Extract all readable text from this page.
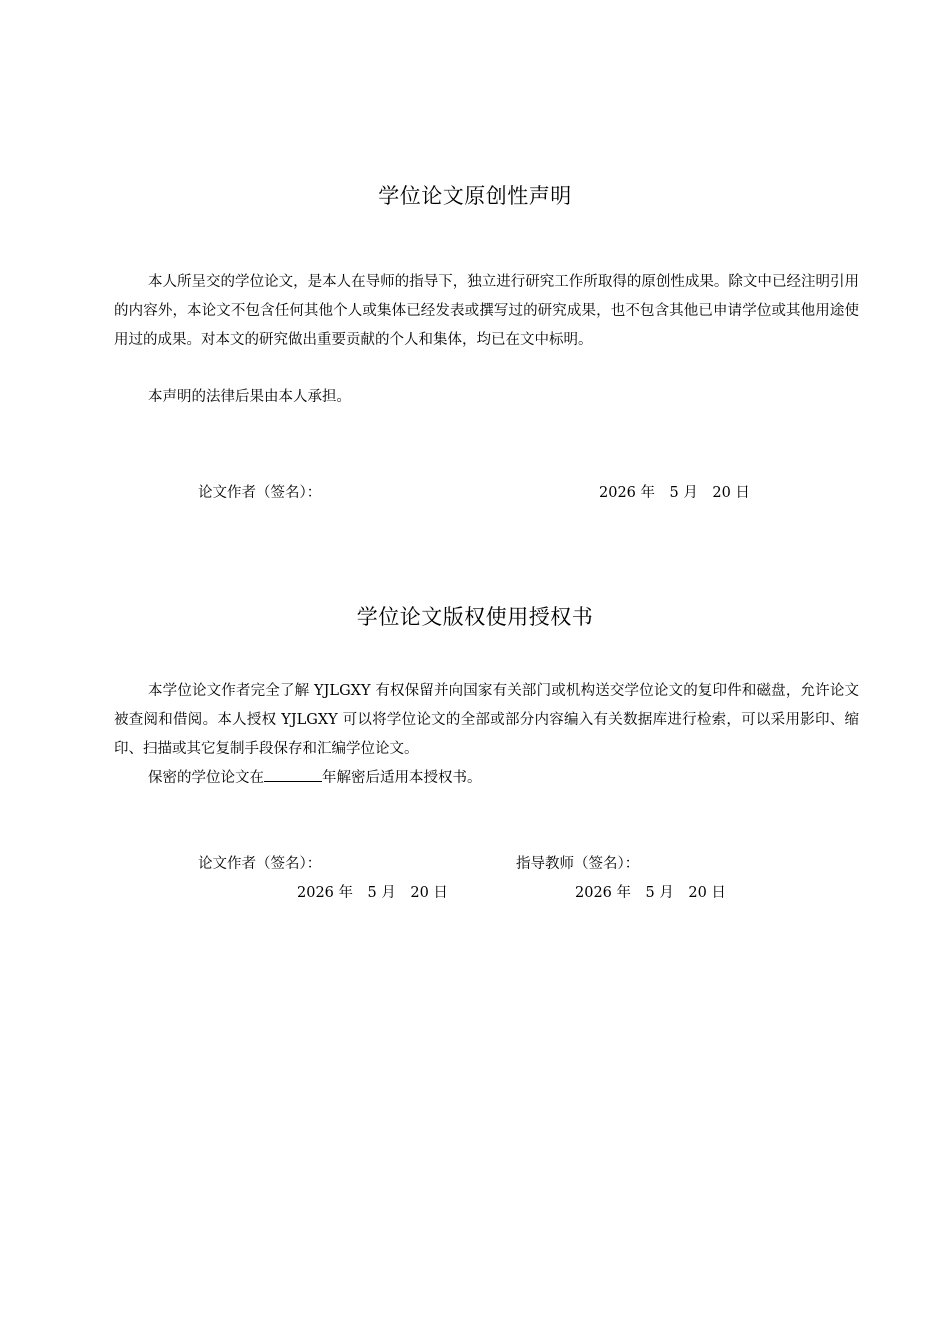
学位论文原创性声明

本人所呈交的学位论文，是本人在导师的指导下，独立进行研究工作所取得的原创性成果。除文中已经注明引用的内容外，本论文不包含任何其他个人或集体已经发表或撰写过的研究成果，也不包含其他已申请学位或其他用途使用过的成果。对本文的研究做出重要贡献的个人和集体，均已在文中标明。

本声明的法律后果由本人承担。

论文作者（签名）：	2026 年　5 月　20 日
学位论文版权使用授权书

本学位论文作者完全了解 YJLGXY 有权保留并向国家有关部门或机构送交学位论文的复印件和磁盘，允许论文被查阅和借阅。本人授权 YJLGXY 可以将学位论文的全部或部分内容编入有关数据库进行检索，可以采用影印、缩印、扫描或其它复制手段保存和汇编学位论文。

保密的学位论文在	年解密后适用本授权书。

论文作者（签名）：	指导教师（签名）：
2026 年　5 月　20 日	2026 年　5 月　20 日
